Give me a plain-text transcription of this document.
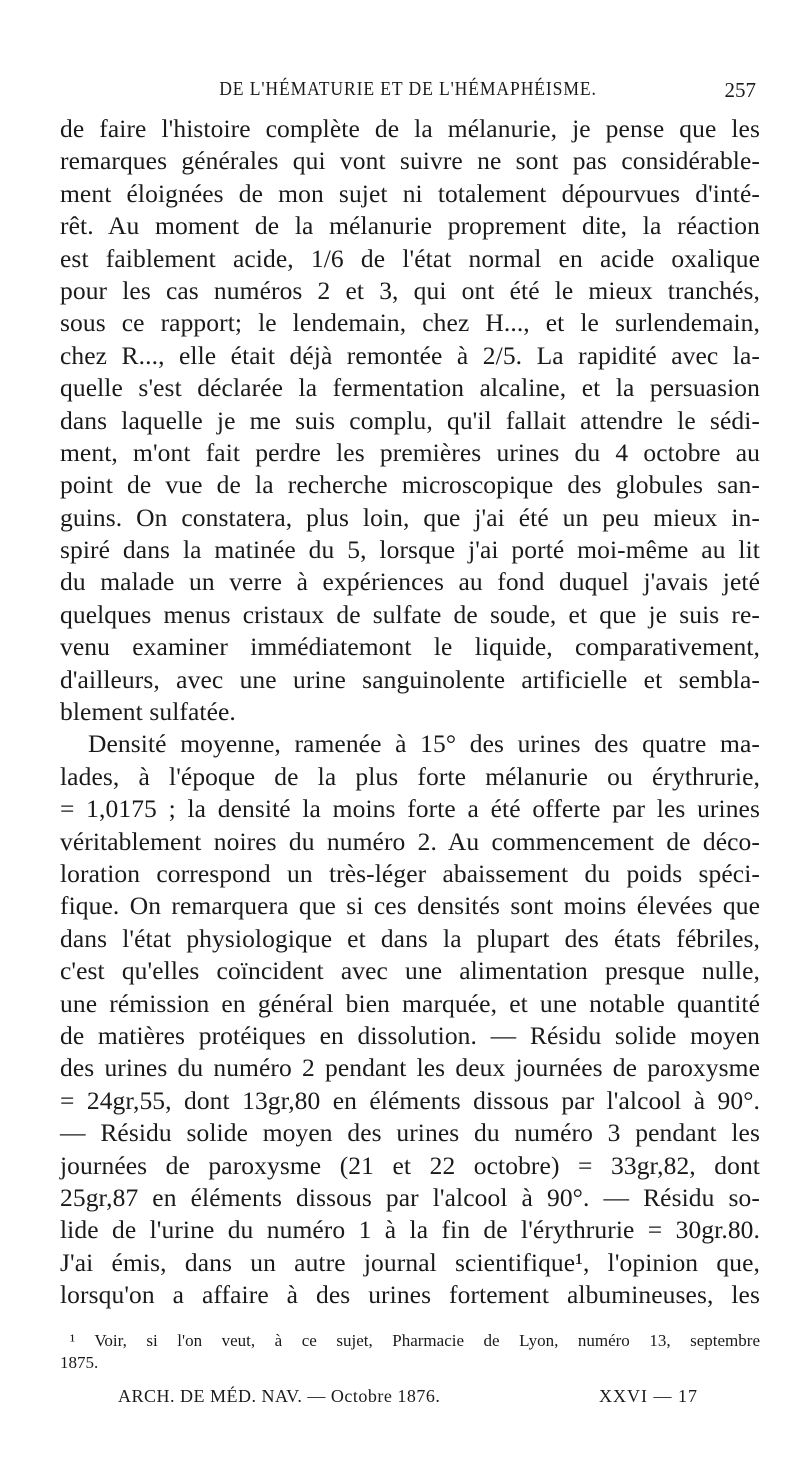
DE L'HÉMATURIE ET DE L'HÉMAPHÉISME.	257
de faire l'histoire complète de la mélanurie, je pense que les
remarques générales qui vont suivre ne sont pas considérable-
ment éloignées de mon sujet ni totalement dépourvues d'inté-
rêt. Au moment de la mélanurie proprement dite, la réaction
est faiblement acide, 1/6 de l'état normal en acide oxalique
pour les cas numéros 2 et 3, qui ont été le mieux tranchés,
sous ce rapport; le lendemain, chez H..., et le surlendemain,
chez R..., elle était déjà remontée à 2/5. La rapidité avec la-
quelle s'est déclarée la fermentation alcaline, et la persuasion
dans laquelle je me suis complu, qu'il fallait attendre le sédi-
ment, m'ont fait perdre les premières urines du 4 octobre au
point de vue de la recherche microscopique des globules san-
guins. On constatera, plus loin, que j'ai été un peu mieux in-
spiré dans la matinée du 5, lorsque j'ai porté moi-même au lit
du malade un verre à expériences au fond duquel j'avais jeté
quelques menus cristaux de sulfate de soude, et que je suis re-
venu examiner immédiatemont le liquide, comparativement,
d'ailleurs, avec une urine sanguinolente artificielle et sembla-
blement sulfatée.
Densité moyenne, ramenée à 15° des urines des quatre ma-
lades, à l'époque de la plus forte mélanurie ou érythrurie,
= 1,0175 ; la densité la moins forte a été offerte par les urines
véritablement noires du numéro 2. Au commencement de déco-
loration correspond un très-léger abaissement du poids spéci-
fique. On remarquera que si ces densités sont moins élevées que
dans l'état physiologique et dans la plupart des états fébriles,
c'est qu'elles coïncident avec une alimentation presque nulle,
une rémission en général bien marquée, et une notable quantité
de matières protéiques en dissolution. — Résidu solide moyen
des urines du numéro 2 pendant les deux journées de paroxysme
= 24gr,55, dont 13gr,80 en éléments dissous par l'alcool à 90°.
— Résidu solide moyen des urines du numéro 3 pendant les
journées de paroxysme (21 et 22 octobre) = 33gr,82, dont
25gr,87 en éléments dissous par l'alcool à 90°. — Résidu so-
lide de l'urine du numéro 1 à la fin de l'érythrurie = 30gr.80.
J'ai émis, dans un autre journal scientifique¹, l'opinion que,
lorsqu'on a affaire à des urines fortement albumineuses, les
¹ Voir, si l'on veut, à ce sujet, Pharmacie de Lyon, numéro 13, septembre
1875.
ARCH. DE MÉD. NAV. — Octobre 1876.	XXVI — 17
